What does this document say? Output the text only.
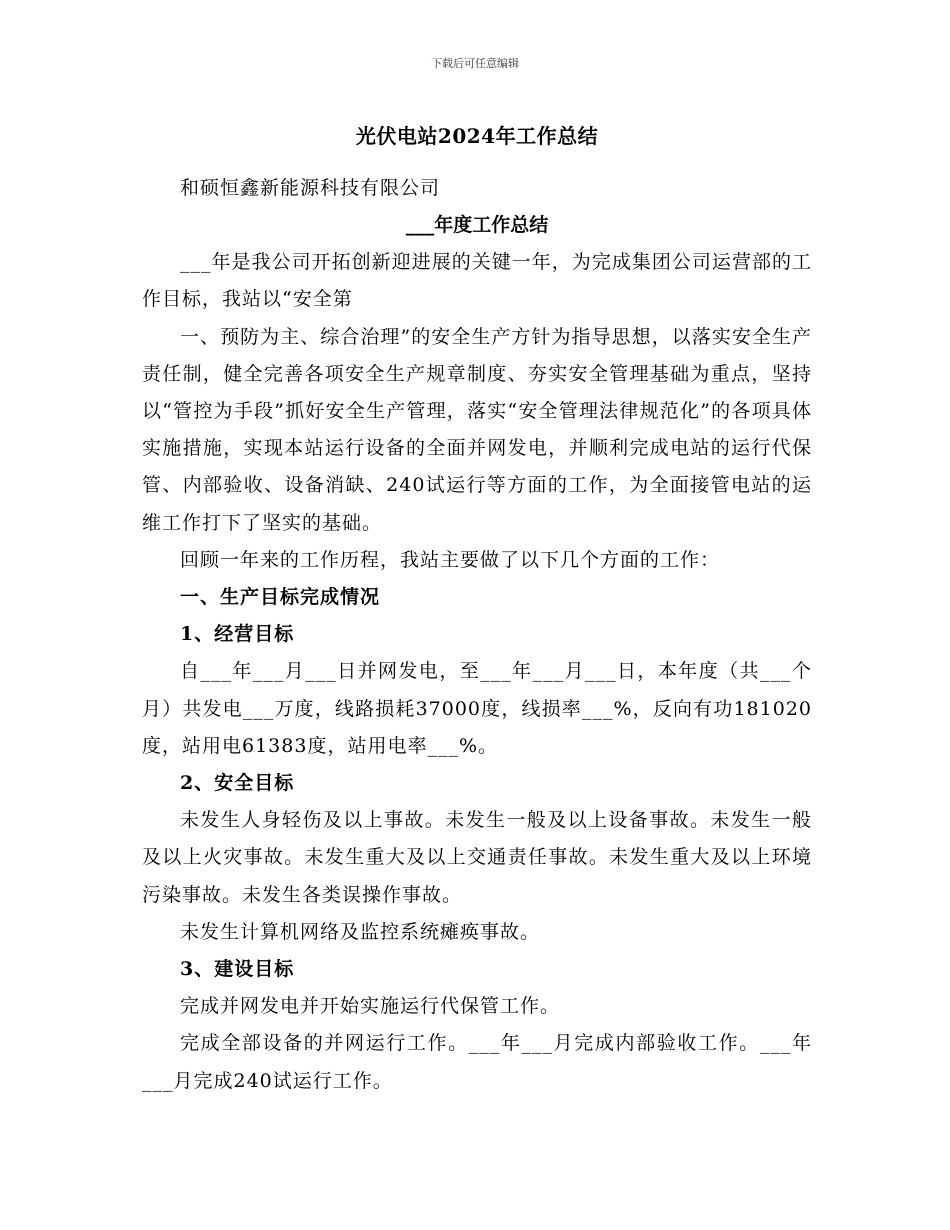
下载后可任意编辑
光伏电站2024年工作总结

和硕恒鑫新能源科技有限公司

___年度工作总结

___年是我公司开拓创新迎进展的关键一年，为完成集团公司运营部的工作目标，我站以“安全第

一、预防为主、综合治理”的安全生产方针为指导思想，以落实安全生产责任制，健全完善各项安全生产规章制度、夯实安全管理基础为重点，坚持以“管控为手段”抓好安全生产管理，落实“安全管理法律规范化”的各项具体实施措施，实现本站运行设备的全面并网发电，并顺利完成电站的运行代保管、内部验收、设备消缺、240试运行等方面的工作，为全面接管电站的运维工作打下了坚实的基础。

回顾一年来的工作历程，我站主要做了以下几个方面的工作：

一、生产目标完成情况

1、经营目标

自___年___月___日并网发电，至___年___月___日，本年度（共___个月）共发电___万度，线路损耗37000度，线损率___%，反向有功181020度，站用电61383度，站用电率___%。

2、安全目标

未发生人身轻伤及以上事故。未发生一般及以上设备事故。未发生一般及以上火灾事故。未发生重大及以上交通责任事故。未发生重大及以上环境污染事故。未发生各类误操作事故。

未发生计算机网络及监控系统瘫痪事故。

3、建设目标

完成并网发电并开始实施运行代保管工作。

完成全部设备的并网运行工作。___年___月完成内部验收工作。___年___月完成240试运行工作。
